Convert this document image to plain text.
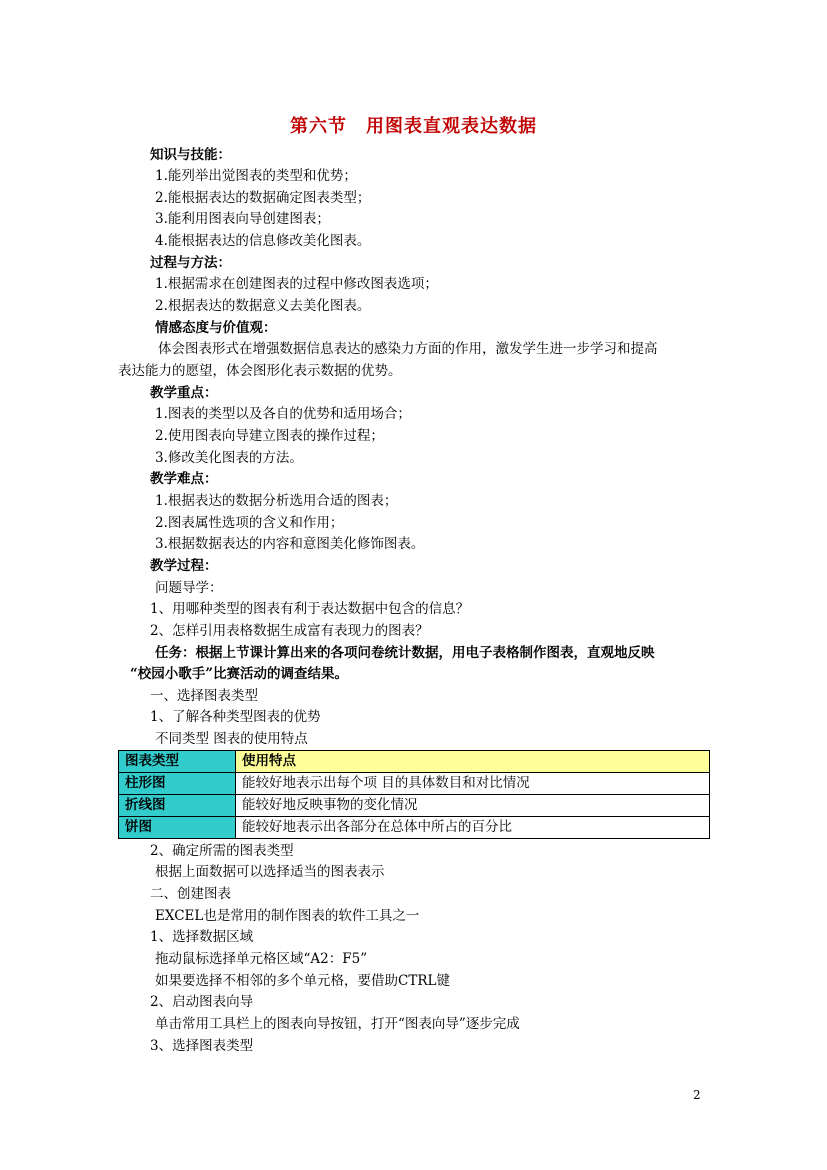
第六节　用图表直观表达数据
知识与技能：
1.能列举出觉图表的类型和优势；
2.能根据表达的数据确定图表类型；
3.能利用图表向导创建图表；
4.能根据表达的信息修改美化图表。
过程与方法：
1.根据需求在创建图表的过程中修改图表选项；
2.根据表达的数据意义去美化图表。
情感态度与价值观：
体会图表形式在增强数据信息表达的感染力方面的作用，激发学生进一步学习和提高
表达能力的愿望，体会图形化表示数据的优势。
教学重点：
1.图表的类型以及各自的优势和适用场合；
2.使用图表向导建立图表的操作过程；
3.修改美化图表的方法。
教学难点：
1.根据表达的数据分析选用合适的图表；
2.图表属性选项的含义和作用；
3.根据数据表达的内容和意图美化修饰图表。
教学过程：
问题导学：
1、用哪种类型的图表有利于表达数据中包含的信息？
2、怎样引用表格数据生成富有表现力的图表？
任务：根据上节课计算出来的各项问卷统计数据，用电子表格制作图表，直观地反映
“校园小歌手”比赛活动的调查结果。
一、选择图表类型
1、了解各种类型图表的优势
不同类型 图表的使用特点
图表类型	使用特点
柱形图	能较好地表示出每个项 目的具体数目和对比情况
折线图	能较好地反映事物的变化情况
饼图	能较好地表示出各部分在总体中所占的百分比
2、确定所需的图表类型
根据上面数据可以选择适当的图表表示
二、创建图表
EXCEL也是常用的制作图表的软件工具之一
1、选择数据区域
拖动鼠标选择单元格区域“A2：F5”
如果要选择不相邻的多个单元格，要借助CTRL键
2、启动图表向导
单击常用工具栏上的图表向导按钮，打开“图表向导”逐步完成
3、选择图表类型
2
